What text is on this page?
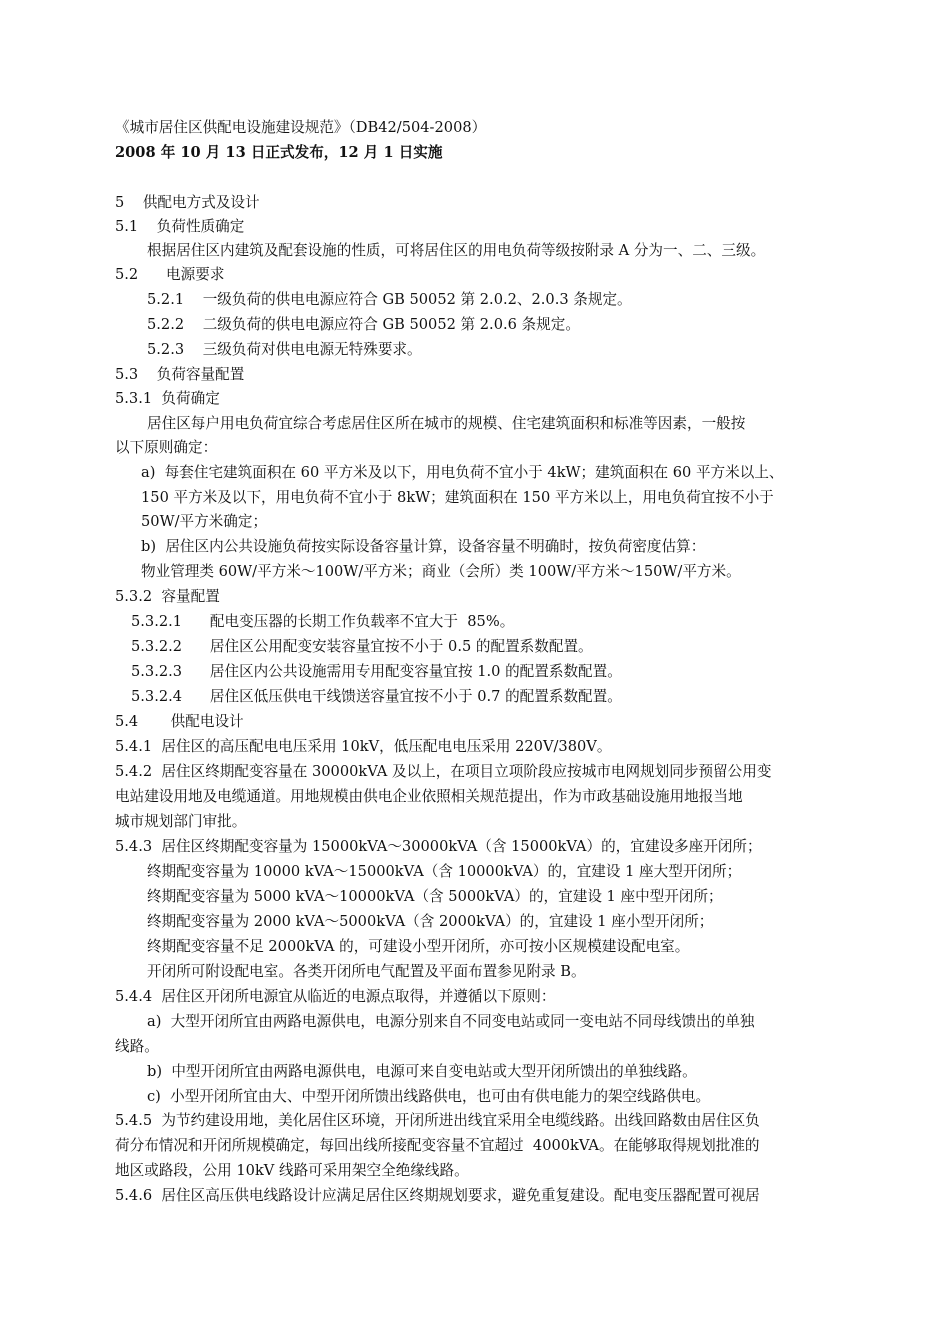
《城市居住区供配电设施建设规范》（DB42/504-2008）
2008 年 10 月 13 日正式发布，12 月 1 日实施
5    供配电方式及设计
5.1    负荷性质确定
根据居住区内建筑及配套设施的性质，可将居住区的用电负荷等级按附录 A 分为一、二、三级。
5.2      电源要求
5.2.1    一级负荷的供电电源应符合 GB 50052 第 2.0.2、2.0.3 条规定。
5.2.2    二级负荷的供电电源应符合 GB 50052 第 2.0.6 条规定。
5.2.3    三级负荷对供电电源无特殊要求。
5.3    负荷容量配置
5.3.1  负荷确定
居住区每户用电负荷宜综合考虑居住区所在城市的规模、住宅建筑面积和标准等因素，一般按
以下原则确定：
a)  每套住宅建筑面积在 60 平方米及以下，用电负荷不宜小于 4kW；建筑面积在 60 平方米以上、
150 平方米及以下，用电负荷不宜小于 8kW；建筑面积在 150 平方米以上，用电负荷宜按不小于
50W/平方米确定；
b)  居住区内公共设施负荷按实际设备容量计算，设备容量不明确时，按负荷密度估算：
物业管理类 60W/平方米～100W/平方米；商业（会所）类 100W/平方米～150W/平方米。
5.3.2  容量配置
5.3.2.1      配电变压器的长期工作负载率不宜大于  85%。
5.3.2.2      居住区公用配变安装容量宜按不小于 0.5 的配置系数配置。
5.3.2.3      居住区内公共设施需用专用配变容量宜按 1.0 的配置系数配置。
5.3.2.4      居住区低压供电干线馈送容量宜按不小于 0.7 的配置系数配置。
5.4       供配电设计
5.4.1  居住区的高压配电电压采用 10kV，低压配电电压采用 220V/380V。
5.4.2  居住区终期配变容量在 30000kVA 及以上，在项目立项阶段应按城市电网规划同步预留公用变
电站建设用地及电缆通道。用地规模由供电企业依照相关规范提出，作为市政基础设施用地报当地
城市规划部门审批。
5.4.3  居住区终期配变容量为 15000kVA～30000kVA（含 15000kVA）的，宜建设多座开闭所；
终期配变容量为 10000 kVA～15000kVA（含 10000kVA）的，宜建设 1 座大型开闭所；
终期配变容量为 5000 kVA～10000kVA（含 5000kVA）的，宜建设 1 座中型开闭所；
终期配变容量为 2000 kVA～5000kVA（含 2000kVA）的，宜建设 1 座小型开闭所；
终期配变容量不足 2000kVA 的，可建设小型开闭所，亦可按小区规模建设配电室。
开闭所可附设配电室。各类开闭所电气配置及平面布置参见附录 B。
5.4.4  居住区开闭所电源宜从临近的电源点取得，并遵循以下原则：
a)  大型开闭所宜由两路电源供电，电源分别来自不同变电站或同一变电站不同母线馈出的单独
线路。
b)  中型开闭所宜由两路电源供电，电源可来自变电站或大型开闭所馈出的单独线路。
c)  小型开闭所宜由大、中型开闭所馈出线路供电，也可由有供电能力的架空线路供电。
5.4.5  为节约建设用地，美化居住区环境，开闭所进出线宜采用全电缆线路。出线回路数由居住区负
荷分布情况和开闭所规模确定，每回出线所接配变容量不宜超过  4000kVA。在能够取得规划批准的
地区或路段，公用 10kV 线路可采用架空全绝缘线路。
5.4.6  居住区高压供电线路设计应满足居住区终期规划要求，避免重复建设。配电变压器配置可视居
